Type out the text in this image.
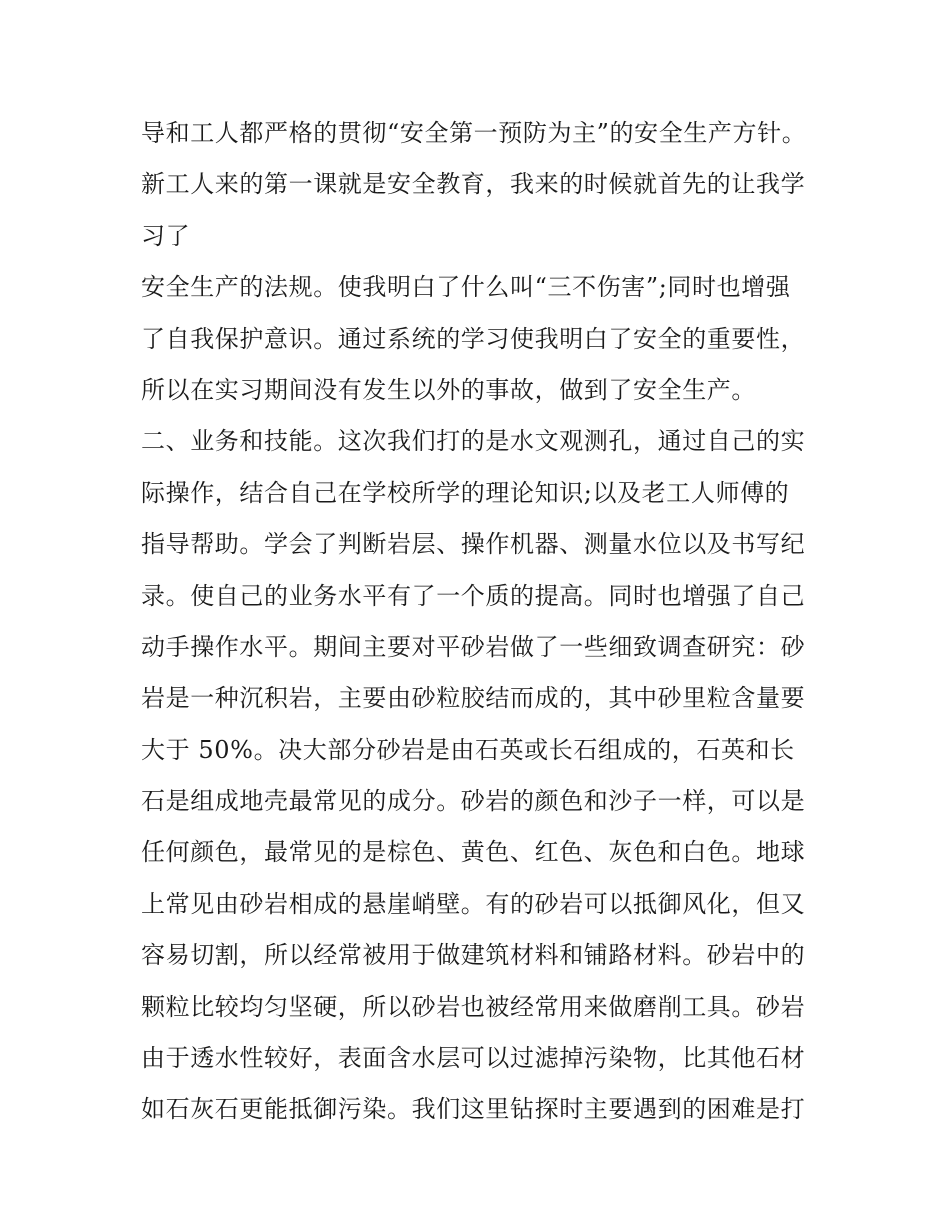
导和工人都严格的贯彻“安全第一预防为主”的安全生产方针。
新工人来的第一课就是安全教育，我来的时候就首先的让我学
习了
安全生产的法规。使我明白了什么叫“三不伤害”;同时也增强
了自我保护意识。通过系统的学习使我明白了安全的重要性，
所以在实习期间没有发生以外的事故，做到了安全生产。
二、业务和技能。这次我们打的是水文观测孔，通过自己的实
际操作，结合自己在学校所学的理论知识;以及老工人师傅的
指导帮助。学会了判断岩层、操作机器、测量水位以及书写纪
录。使自己的业务水平有了一个质的提高。同时也增强了自己
动手操作水平。期间主要对平砂岩做了一些细致调查研究：砂
岩是一种沉积岩，主要由砂粒胶结而成的，其中砂里粒含量要
大于 50%。决大部分砂岩是由石英或长石组成的，石英和长
石是组成地壳最常见的成分。砂岩的颜色和沙子一样，可以是
任何颜色，最常见的是棕色、黄色、红色、灰色和白色。地球
上常见由砂岩相成的悬崖峭壁。有的砂岩可以抵御风化，但又
容易切割，所以经常被用于做建筑材料和铺路材料。砂岩中的
颗粒比较均匀坚硬，所以砂岩也被经常用来做磨削工具。砂岩
由于透水性较好，表面含水层可以过滤掉污染物，比其他石材
如石灰石更能抵御污染。我们这里钻探时主要遇到的困难是打
